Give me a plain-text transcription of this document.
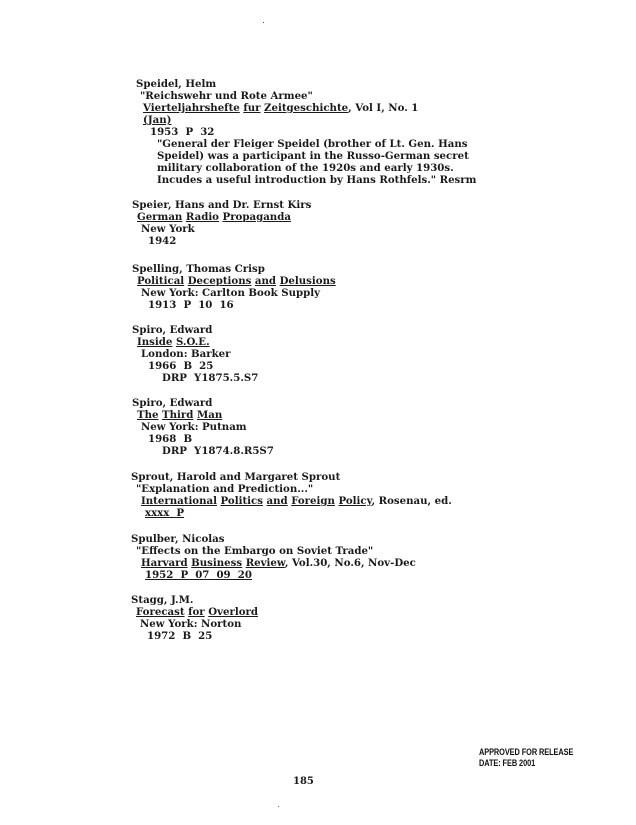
Speidel, Helm
"Reichswehr und Rote Armee"
Vierteljahrshefte fur Zeitgeschichte, Vol I, No. 1
(Jan)
1953  P  32
"General der Fleiger Speidel (brother of Lt. Gen. Hans
Speidel) was a participant in the Russo-German secret
military collaboration of the 1920s and early 1930s.
Incudes a useful introduction by Hans Rothfels." Resrm
Speier, Hans and Dr. Ernst Kirs
German Radio Propaganda
New York
1942
Spelling, Thomas Crisp
Political Deceptions and Delusions
New York: Carlton Book Supply
1913  P  10  16
Spiro, Edward
Inside S.O.E.
London: Barker
1966  B  25
DRP  Y1875.5.S7
Spiro, Edward
The Third Man
New York: Putnam
1968  B
DRP  Y1874.8.R5S7
Sprout, Harold and Margaret Sprout
"Explanation and Prediction..."
International Politics and Foreign Policy, Rosenau, ed.
xxxx  P
Spulber, Nicolas
"Effects on the Embargo on Soviet Trade"
Harvard Business Review, Vol.30, No.6, Nov-Dec
1952  P  07  09  20
Stagg, J.M.
Forecast for Overlord
New York: Norton
1972  B  25
APPROVED FOR RELEASE
DATE: FEB 2001
185
